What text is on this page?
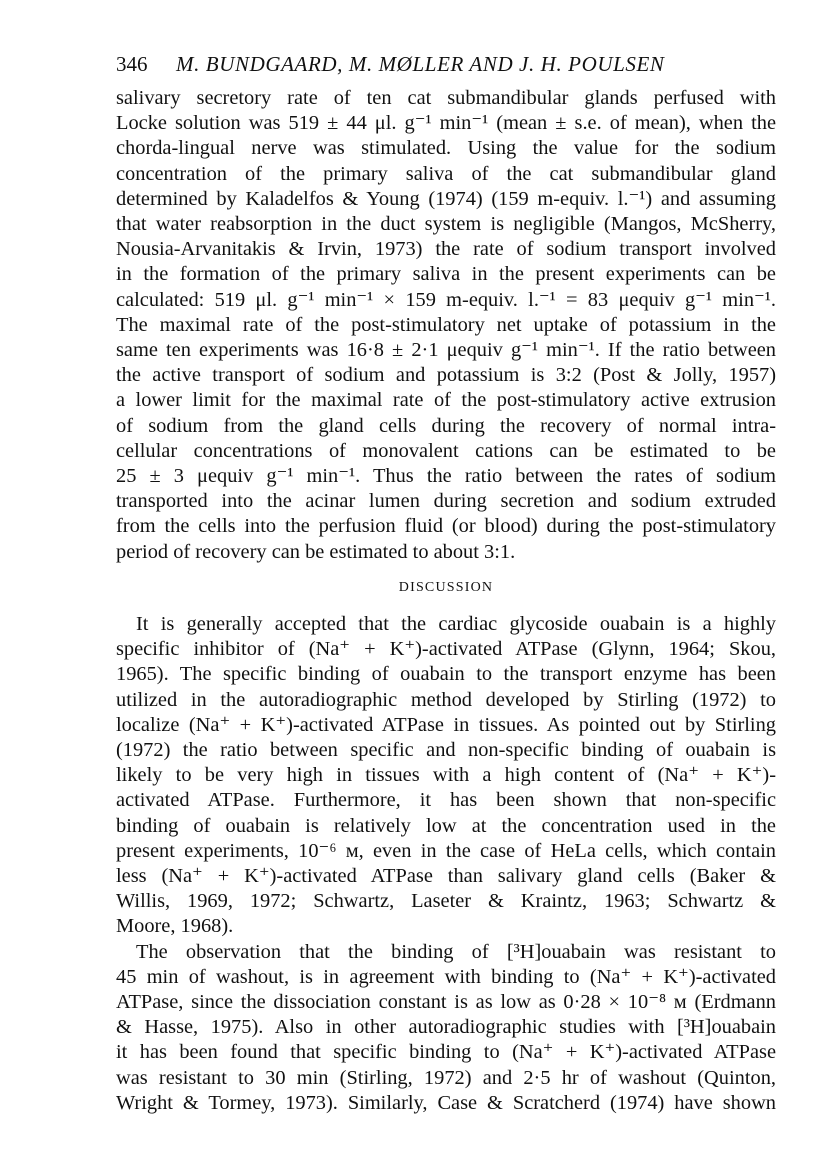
346 M. BUNDGAARD, M. MØLLER AND J. H. POULSEN
salivary secretory rate of ten cat submandibular glands perfused with
Locke solution was 519 ± 44 μl. g⁻¹ min⁻¹ (mean ± s.e. of mean), when the
chorda-lingual nerve was stimulated. Using the value for the sodium
concentration of the primary saliva of the cat submandibular gland
determined by Kaladelfos & Young (1974) (159 m-equiv. l.⁻¹) and assuming
that water reabsorption in the duct system is negligible (Mangos, McSherry,
Nousia-Arvanitakis & Irvin, 1973) the rate of sodium transport involved
in the formation of the primary saliva in the present experiments can be
calculated: 519 μl. g⁻¹ min⁻¹ × 159 m-equiv. l.⁻¹ = 83 μequiv g⁻¹ min⁻¹.
The maximal rate of the post-stimulatory net uptake of potassium in the
same ten experiments was 16·8 ± 2·1 μequiv g⁻¹ min⁻¹. If the ratio between
the active transport of sodium and potassium is 3:2 (Post & Jolly, 1957)
a lower limit for the maximal rate of the post-stimulatory active extrusion
of sodium from the gland cells during the recovery of normal intra-
cellular concentrations of monovalent cations can be estimated to be
25 ± 3 μequiv g⁻¹ min⁻¹. Thus the ratio between the rates of sodium
transported into the acinar lumen during secretion and sodium extruded
from the cells into the perfusion fluid (or blood) during the post-stimulatory
period of recovery can be estimated to about 3:1.
DISCUSSION
It is generally accepted that the cardiac glycoside ouabain is a highly
specific inhibitor of (Na⁺ + K⁺)-activated ATPase (Glynn, 1964; Skou,
1965). The specific binding of ouabain to the transport enzyme has been
utilized in the autoradiographic method developed by Stirling (1972) to
localize (Na⁺ + K⁺)-activated ATPase in tissues. As pointed out by Stirling
(1972) the ratio between specific and non-specific binding of ouabain is
likely to be very high in tissues with a high content of (Na⁺ + K⁺)-
activated ATPase. Furthermore, it has been shown that non-specific
binding of ouabain is relatively low at the concentration used in the
present experiments, 10⁻⁶ м, even in the case of HeLa cells, which contain
less (Na⁺ + K⁺)-activated ATPase than salivary gland cells (Baker &
Willis, 1969, 1972; Schwartz, Laseter & Kraintz, 1963; Schwartz &
Moore, 1968).
The observation that the binding of [³H]ouabain was resistant to
45 min of washout, is in agreement with binding to (Na⁺ + K⁺)-activated
ATPase, since the dissociation constant is as low as 0·28 × 10⁻⁸ м (Erdmann
& Hasse, 1975). Also in other autoradiographic studies with [³H]ouabain
it has been found that specific binding to (Na⁺ + K⁺)-activated ATPase
was resistant to 30 min (Stirling, 1972) and 2·5 hr of washout (Quinton,
Wright & Tormey, 1973). Similarly, Case & Scratcherd (1974) have shown
